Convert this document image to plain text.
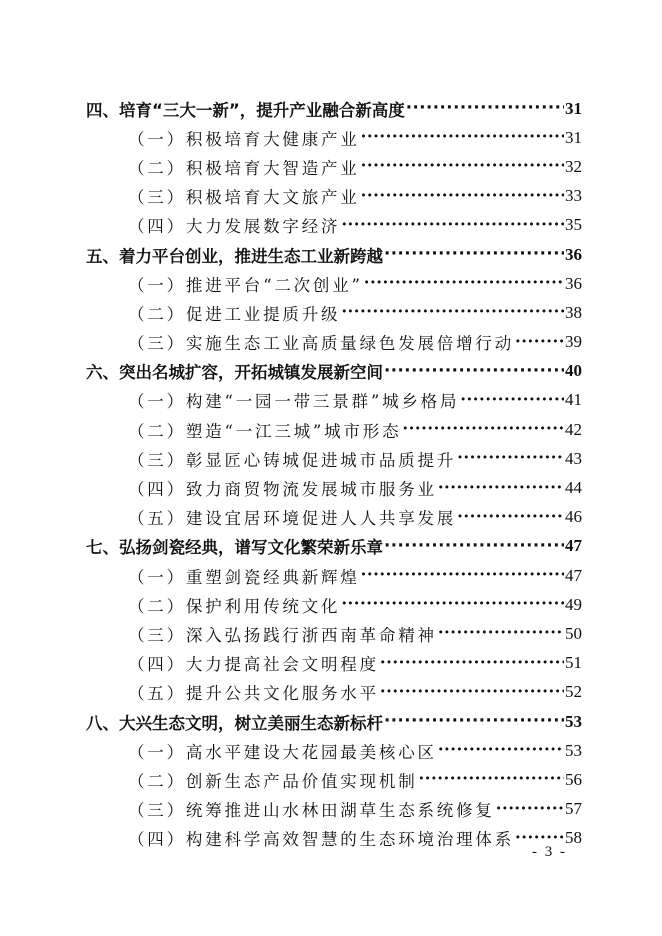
四、培育“三大一新”，提升产业融合新高度 ·····	31
（一）积极培育大健康产业 ·····	31
（二）积极培育大智造产业 ·····	32
（三）积极培育大文旅产业 ·····	33
（四）大力发展数字经济 ·····	35
五、着力平台创业，推进生态工业新跨越 ·····	36
（一）推进平台“二次创业” ·····	36
（二）促进工业提质升级 ·····	38
（三）实施生态工业高质量绿色发展倍增行动 ·····	39
六、突出名城扩容，开拓城镇发展新空间 ·····	40
（一）构建“一园一带三景群”城乡格局 ·····	41
（二）塑造“一江三城”城市形态 ·····	42
（三）彰显匠心铸城促进城市品质提升 ·····	43
（四）致力商贸物流发展城市服务业 ·····	44
（五）建设宜居环境促进人人共享发展 ·····	46
七、弘扬剑瓷经典，谱写文化繁荣新乐章 ·····	47
（一）重塑剑瓷经典新辉煌 ·····	47
（二）保护利用传统文化 ·····	49
（三）深入弘扬践行浙西南革命精神 ·····	50
（四）大力提高社会文明程度 ·····	51
（五）提升公共文化服务水平 ·····	52
八、大兴生态文明，树立美丽生态新标杆 ·····	53
（一）高水平建设大花园最美核心区 ·····	53
（二）创新生态产品价值实现机制 ·····	56
（三）统筹推进山水林田湖草生态系统修复 ·····	57
（四）构建科学高效智慧的生态环境治理体系 ·····	58
- 3 -
